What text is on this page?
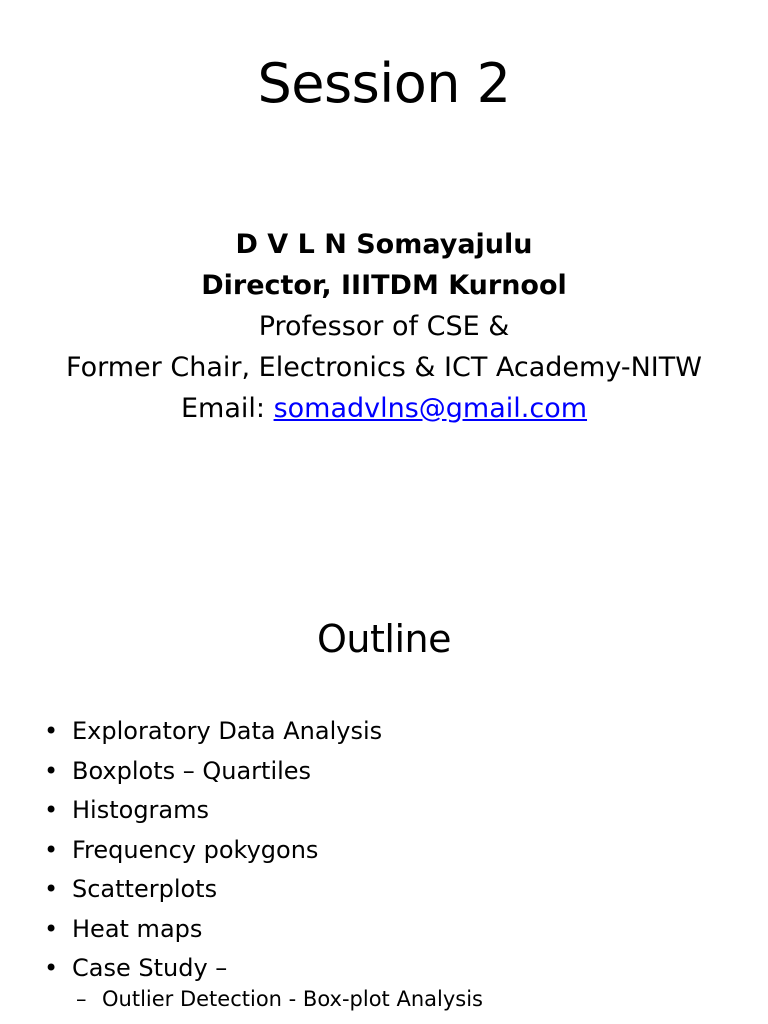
Session 2
D V L N Somayajulu
Director, IIITDM Kurnool
Professor of CSE &
Former Chair, Electronics & ICT Academy-NITW
Email: somadvlns@gmail.com
Outline
• Exploratory Data Analysis
• Boxplots – Quartiles
• Histograms
• Frequency pokygons
• Scatterplots
• Heat maps
• Case Study –
– Outlier Detection - Box-plot Analysis
